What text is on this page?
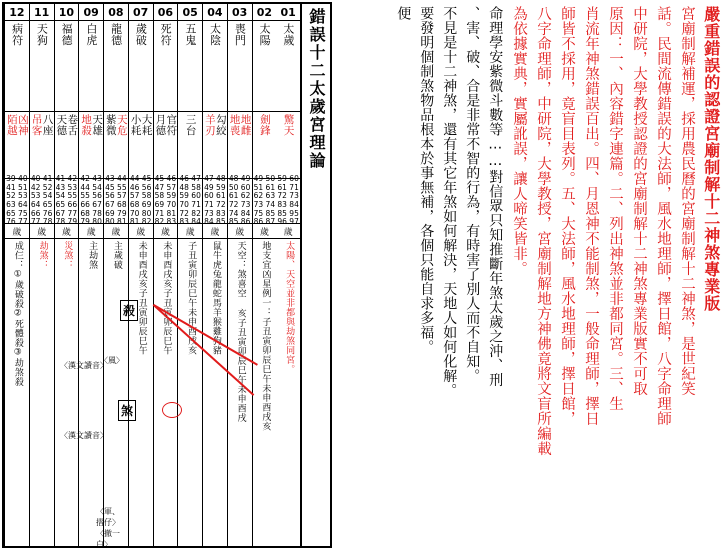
錯誤十二太歲宮理論
01
太歲
驚天
59 60 61 71 72 73 83 84 85 95 96 97
歲
太陽、天空並非都與劫煞同宮。
02
太陽
劍鋒
49 50 51 61 62 63 73 74 75 85 86 87
歲
地支宜凶星例一：子丑寅卯辰巳午未申酉戌亥
03
喪門
地喪 地雌
48 49 50 60 61 62 72 73 74 84 85 86
歲
天空：煞喜空 亥子丑寅卯辰巳午未申酉戌
04
太陰
羊刃 勾絞
47 48 49 59 60 61 71 72 73 83 84 85
歲
鼠牛虎兔龍蛇馬羊猴雞狗豬
05
五鬼
三台
46 47 48 58 59 60 70 71 72 82 83 84
歲
子丑寅卯辰巳午未申酉戌亥
06
死符
月德 官符
45 46 47 57 58 59 69 70 71 81 82 83
歲
未申酉戌亥子丑寅卯辰巳午
07
歲破
小耗 大耗
44 45 46 56 57 58 68 69 70 80 81 82
歲
未申酉戌亥子丑寅卯辰巳午
08
龍德
紫微 天危
43 44 45 55 56 57 67 68 69 79 80 81
歲
主歲破
09
白虎
地殺 天雄
42 43 44 54 55 56 66 67 68 78 79 80
歲
主劫煞
10
福德
天德 卷舌
41 42 43 53 54 55 65 66 67 77 78 79
歲
災煞：
11
天狗
吊客 八座
40 41 42 52 53 54 64 65 66 76 77 78
歲
劫煞：
12
病符
陌越 凶神
39 40 41 51 52 53 63 64 65 75 76 77
歲
成仨：①歲破殺②死體殺③劫煞殺	殺
煞
〈風〉
〈漢文讀音〉
〈漢文讀音〉
〈軍、摺仔〉
〈撤一白〉
嚴重錯誤的認證宮廟制解十二神煞專業版
宮廟制解補運，採用農民曆的宮廟制解十二神煞，是世紀笑
話。民間流傳錯誤的大法師，風水地理師，擇日館，八字命理師
中研院，大學教授認證的宮廟制解十二神煞專業版實不可取
原因：一、內容錯字連篇。二、列出神煞並非都同宮。三、生
肖流年神煞錯誤百出。四、月恩神不能制煞，一般命理師，擇日
師皆不採用，竟盲目表列。五、大法師，風水地理師，擇日館，
八字命理師，中研院，大學教授，宮廟制解地方神佛竟將文盲所編載
為依據實典，實屬訛誤，讓人啼笑皆非。
命理學安紫微斗數等……對信眾只知推斷年煞太歲之沖、刑
、害、破、合是非常不智的行為，有時害了別人而不自知。
不見是十二神煞，還有其它年煞如何解決，天地人如何化解。
要發明個制煞物品根本於事無補，各個只能自求多福。
便
